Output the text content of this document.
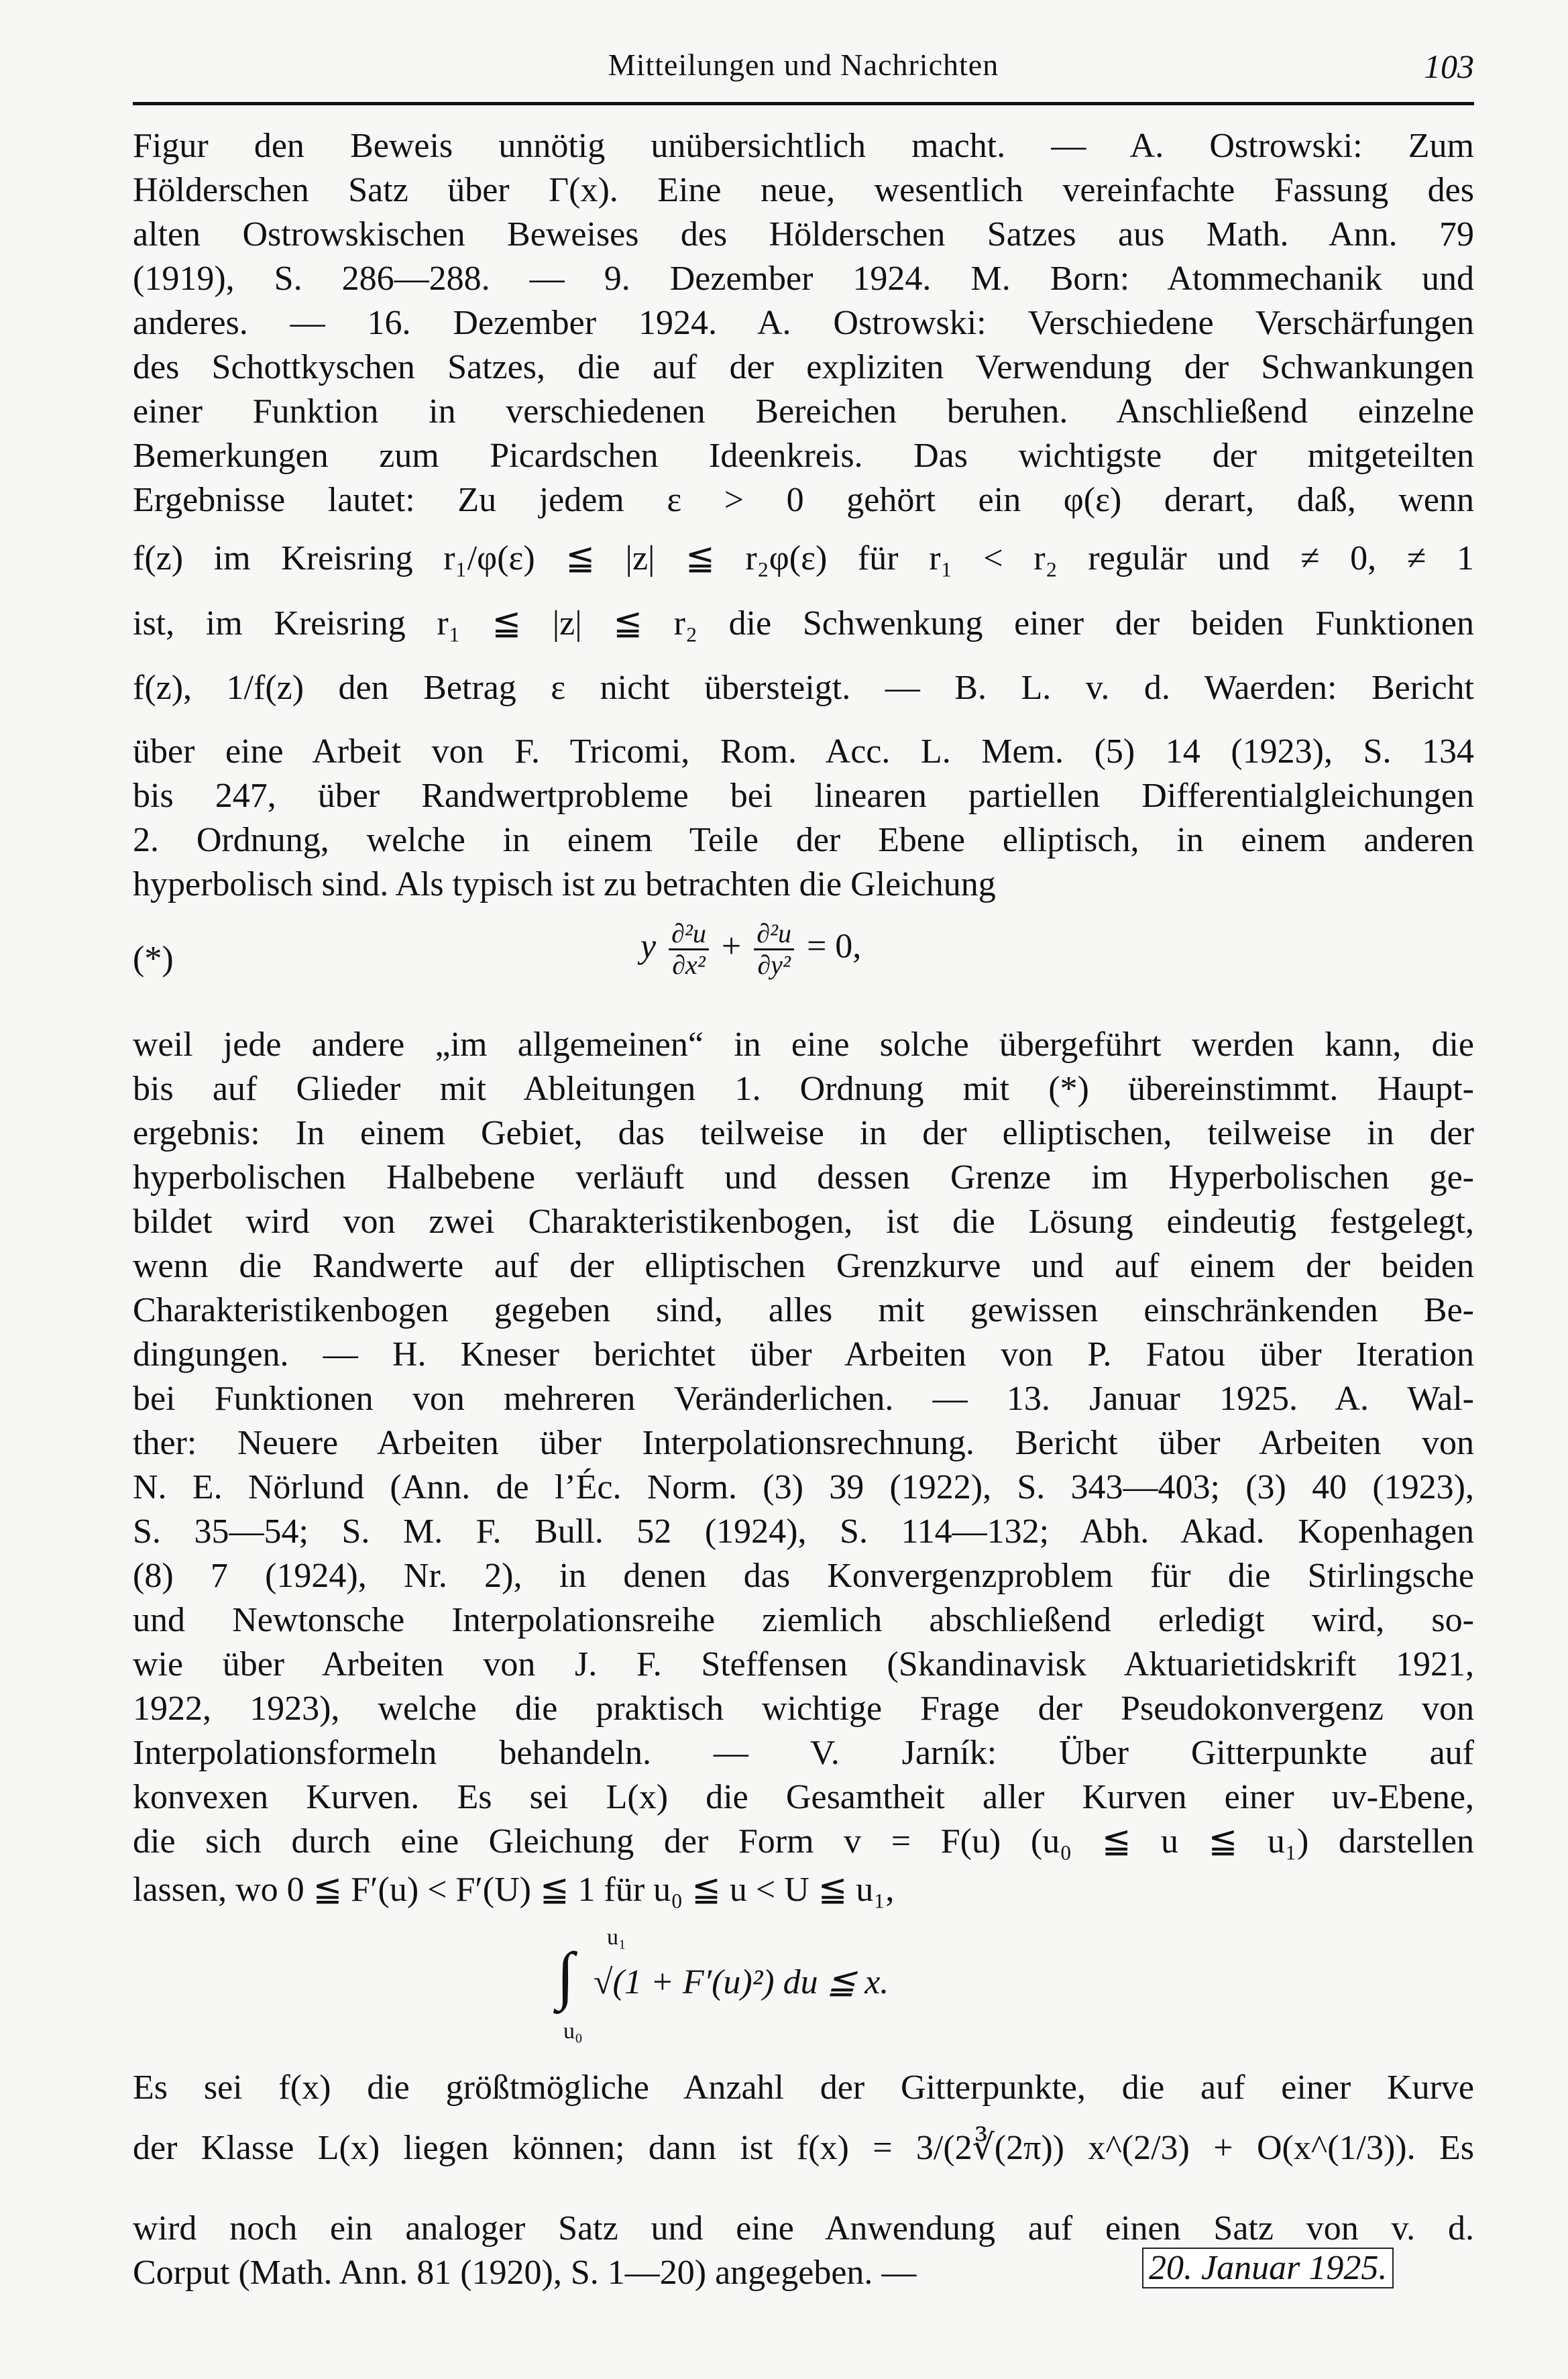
Mitteilungen und Nachrichten	103
Figur den Beweis unnötig unübersichtlich macht. — A. Ostrowski: Zum
Hölderschen Satz über Γ(x). Eine neue, wesentlich vereinfachte Fassung des
alten Ostrowskischen Beweises des Hölderschen Satzes aus Math. Ann. 79
(1919), S. 286—288. — 9. Dezember 1924. M. Born: Atommechanik und
anderes. — 16. Dezember 1924. A. Ostrowski: Verschiedene Verschärfungen
des Schottkyschen Satzes, die auf der expliziten Verwendung der Schwankungen
einer Funktion in verschiedenen Bereichen beruhen. Anschließend einzelne
Bemerkungen zum Picardschen Ideenkreis. Das wichtigste der mitgeteilten
Ergebnisse lautet: Zu jedem ε > 0 gehört ein φ(ε) derart, daß, wenn
f(z) im Kreisring r₁/φ(ε) ≦ |z| ≦ r₂φ(ε) für r₁ < r₂ regulär und ≠ 0, ≠ 1
ist, im Kreisring r₁ ≦ |z| ≦ r₂ die Schwenkung einer der beiden Funktionen
f(z), 1/f(z) den Betrag ε nicht übersteigt. — B. L. v. d. Waerden: Bericht
über eine Arbeit von F. Tricomi, Rom. Acc. L. Mem. (5) 14 (1923), S. 134
bis 247, über Randwertprobleme bei linearen partiellen Differentialgleichungen
2. Ordnung, welche in einem Teile der Ebene elliptisch, in einem anderen
hyperbolisch sind. Als typisch ist zu betrachten die Gleichung
(*)	y $\frac{\text{∂²u}}{\text{∂x²}} + \frac{\text{∂²u}}{\text{∂y²}} = 0$,
weil jede andere „im allgemeinen“ in eine solche übergeführt werden kann, die
bis auf Glieder mit Ableitungen 1. Ordnung mit (*) übereinstimmt. Haupt-
ergebnis: In einem Gebiet, das teilweise in der elliptischen, teilweise in der
hyperbolischen Halbebene verläuft und dessen Grenze im Hyperbolischen ge-
bildet wird von zwei Charakteristikenbogen, ist die Lösung eindeutig festgelegt,
wenn die Randwerte auf der elliptischen Grenzkurve und auf einem der beiden
Charakteristikenbogen gegeben sind, alles mit gewissen einschränkenden Be-
dingungen. — H. Kneser berichtet über Arbeiten von P. Fatou über Iteration
bei Funktionen von mehreren Veränderlichen. — 13. Januar 1925. A. Wal-
ther: Neuere Arbeiten über Interpolationsrechnung. Bericht über Arbeiten von
N. E. Nörlund (Ann. de l’Éc. Norm. (3) 39 (1922), S. 343—403; (3) 40 (1923),
S. 35—54; S. M. F. Bull. 52 (1924), S. 114—132; Abh. Akad. Kopenhagen
(8) 7 (1924), Nr. 2), in denen das Konvergenzproblem für die Stirlingsche
und Newtonsche Interpolationsreihe ziemlich abschließend erledigt wird, so-
wie über Arbeiten von J. F. Steffensen (Skandinavisk Aktuarietidskrift 1921,
1922, 1923), welche die praktisch wichtige Frage der Pseudokonvergenz von
Interpolationsformeln behandeln. — V. Jarník: Über Gitterpunkte auf
konvexen Kurven. Es sei L(x) die Gesamtheit aller Kurven einer uv-Ebene,
die sich durch eine Gleichung der Form v = F(u) (u₀ ≦ u ≦ u₁) darstellen
lassen, wo 0 ≦ F′(u) < F′(U) ≦ 1 für u₀ ≦ u < U ≦ u₁,
u₁
∫ √(1 + F′(u)²) du ≦ x.
u₀
Es sei f(x) die größtmögliche Anzahl der Gitterpunkte, die auf einer Kurve
der Klasse L(x) liegen können; dann ist f(x) = 3/(2∛(2π)) x^(2/3) + O(x^(1/3)). Es
wird noch ein analoger Satz und eine Anwendung auf einen Satz von v. d.
Corput (Math. Ann. 81 (1920), S. 1—20) angegeben. —	20. Januar 1925.
